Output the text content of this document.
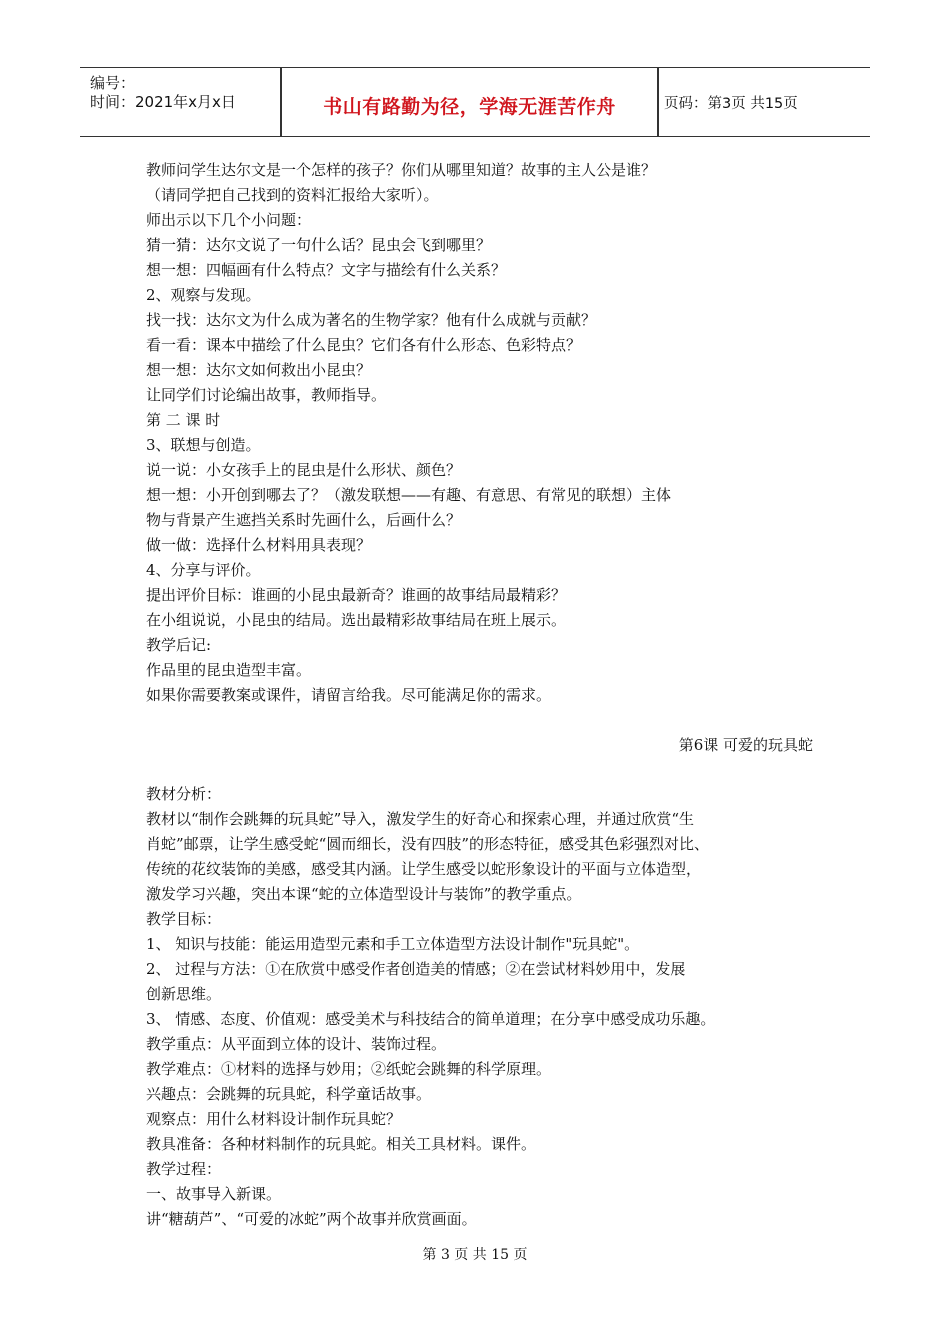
编号：
时间：2021年x月x日	书山有路勤为径，学海无涯苦作舟	页码：第3页 共15页
教师问学生达尔文是一个怎样的孩子？你们从哪里知道？故事的主人公是谁？
（请同学把自己找到的资料汇报给大家听）。
师出示以下几个小问题：
猜一猜：达尔文说了一句什么话？昆虫会飞到哪里？
想一想：四幅画有什么特点？文字与描绘有什么关系？
2、观察与发现。
找一找：达尔文为什么成为著名的生物学家？他有什么成就与贡献？
看一看：课本中描绘了什么昆虫？它们各有什么形态、色彩特点？
想一想：达尔文如何救出小昆虫？
让同学们讨论编出故事，教师指导。
第 二 课 时
3、联想与创造。
说一说：小女孩手上的昆虫是什么形状、颜色？
想一想：小开创到哪去了？（激发联想——有趣、有意思、有常见的联想）主体
物与背景产生遮挡关系时先画什么，后画什么？
做一做：选择什么材料用具表现？
4、分享与评价。
提出评价目标：谁画的小昆虫最新奇？谁画的故事结局最精彩？
在小组说说，小昆虫的结局。选出最精彩故事结局在班上展示。
教学后记:
作品里的昆虫造型丰富。
如果你需要教案或课件，请留言给我。尽可能满足你的需求。
第6课 可爱的玩具蛇
教材分析：
教材以“制作会跳舞的玩具蛇”导入，激发学生的好奇心和探索心理，并通过欣赏“生
肖蛇”邮票，让学生感受蛇“圆而细长，没有四肢”的形态特征，感受其色彩强烈对比、
传统的花纹装饰的美感，感受其内涵。让学生感受以蛇形象设计的平面与立体造型，
激发学习兴趣，突出本课“蛇的立体造型设计与装饰”的教学重点。
教学目标：
1、 知识与技能：能运用造型元素和手工立体造型方法设计制作"玩具蛇"。
2、 过程与方法：①在欣赏中感受作者创造美的情感；②在尝试材料妙用中，发展
创新思维。
3、 情感、态度、价值观：感受美术与科技结合的简单道理；在分享中感受成功乐趣。
教学重点：从平面到立体的设计、装饰过程。
教学难点：①材料的选择与妙用；②纸蛇会跳舞的科学原理。
兴趣点：会跳舞的玩具蛇，科学童话故事。
观察点：用什么材料设计制作玩具蛇？
教具准备：各种材料制作的玩具蛇。相关工具材料。课件。
教学过程：
一、故事导入新课。
讲“糖葫芦”、“可爱的冰蛇”两个故事并欣赏画面。
第 3 页 共 15 页
